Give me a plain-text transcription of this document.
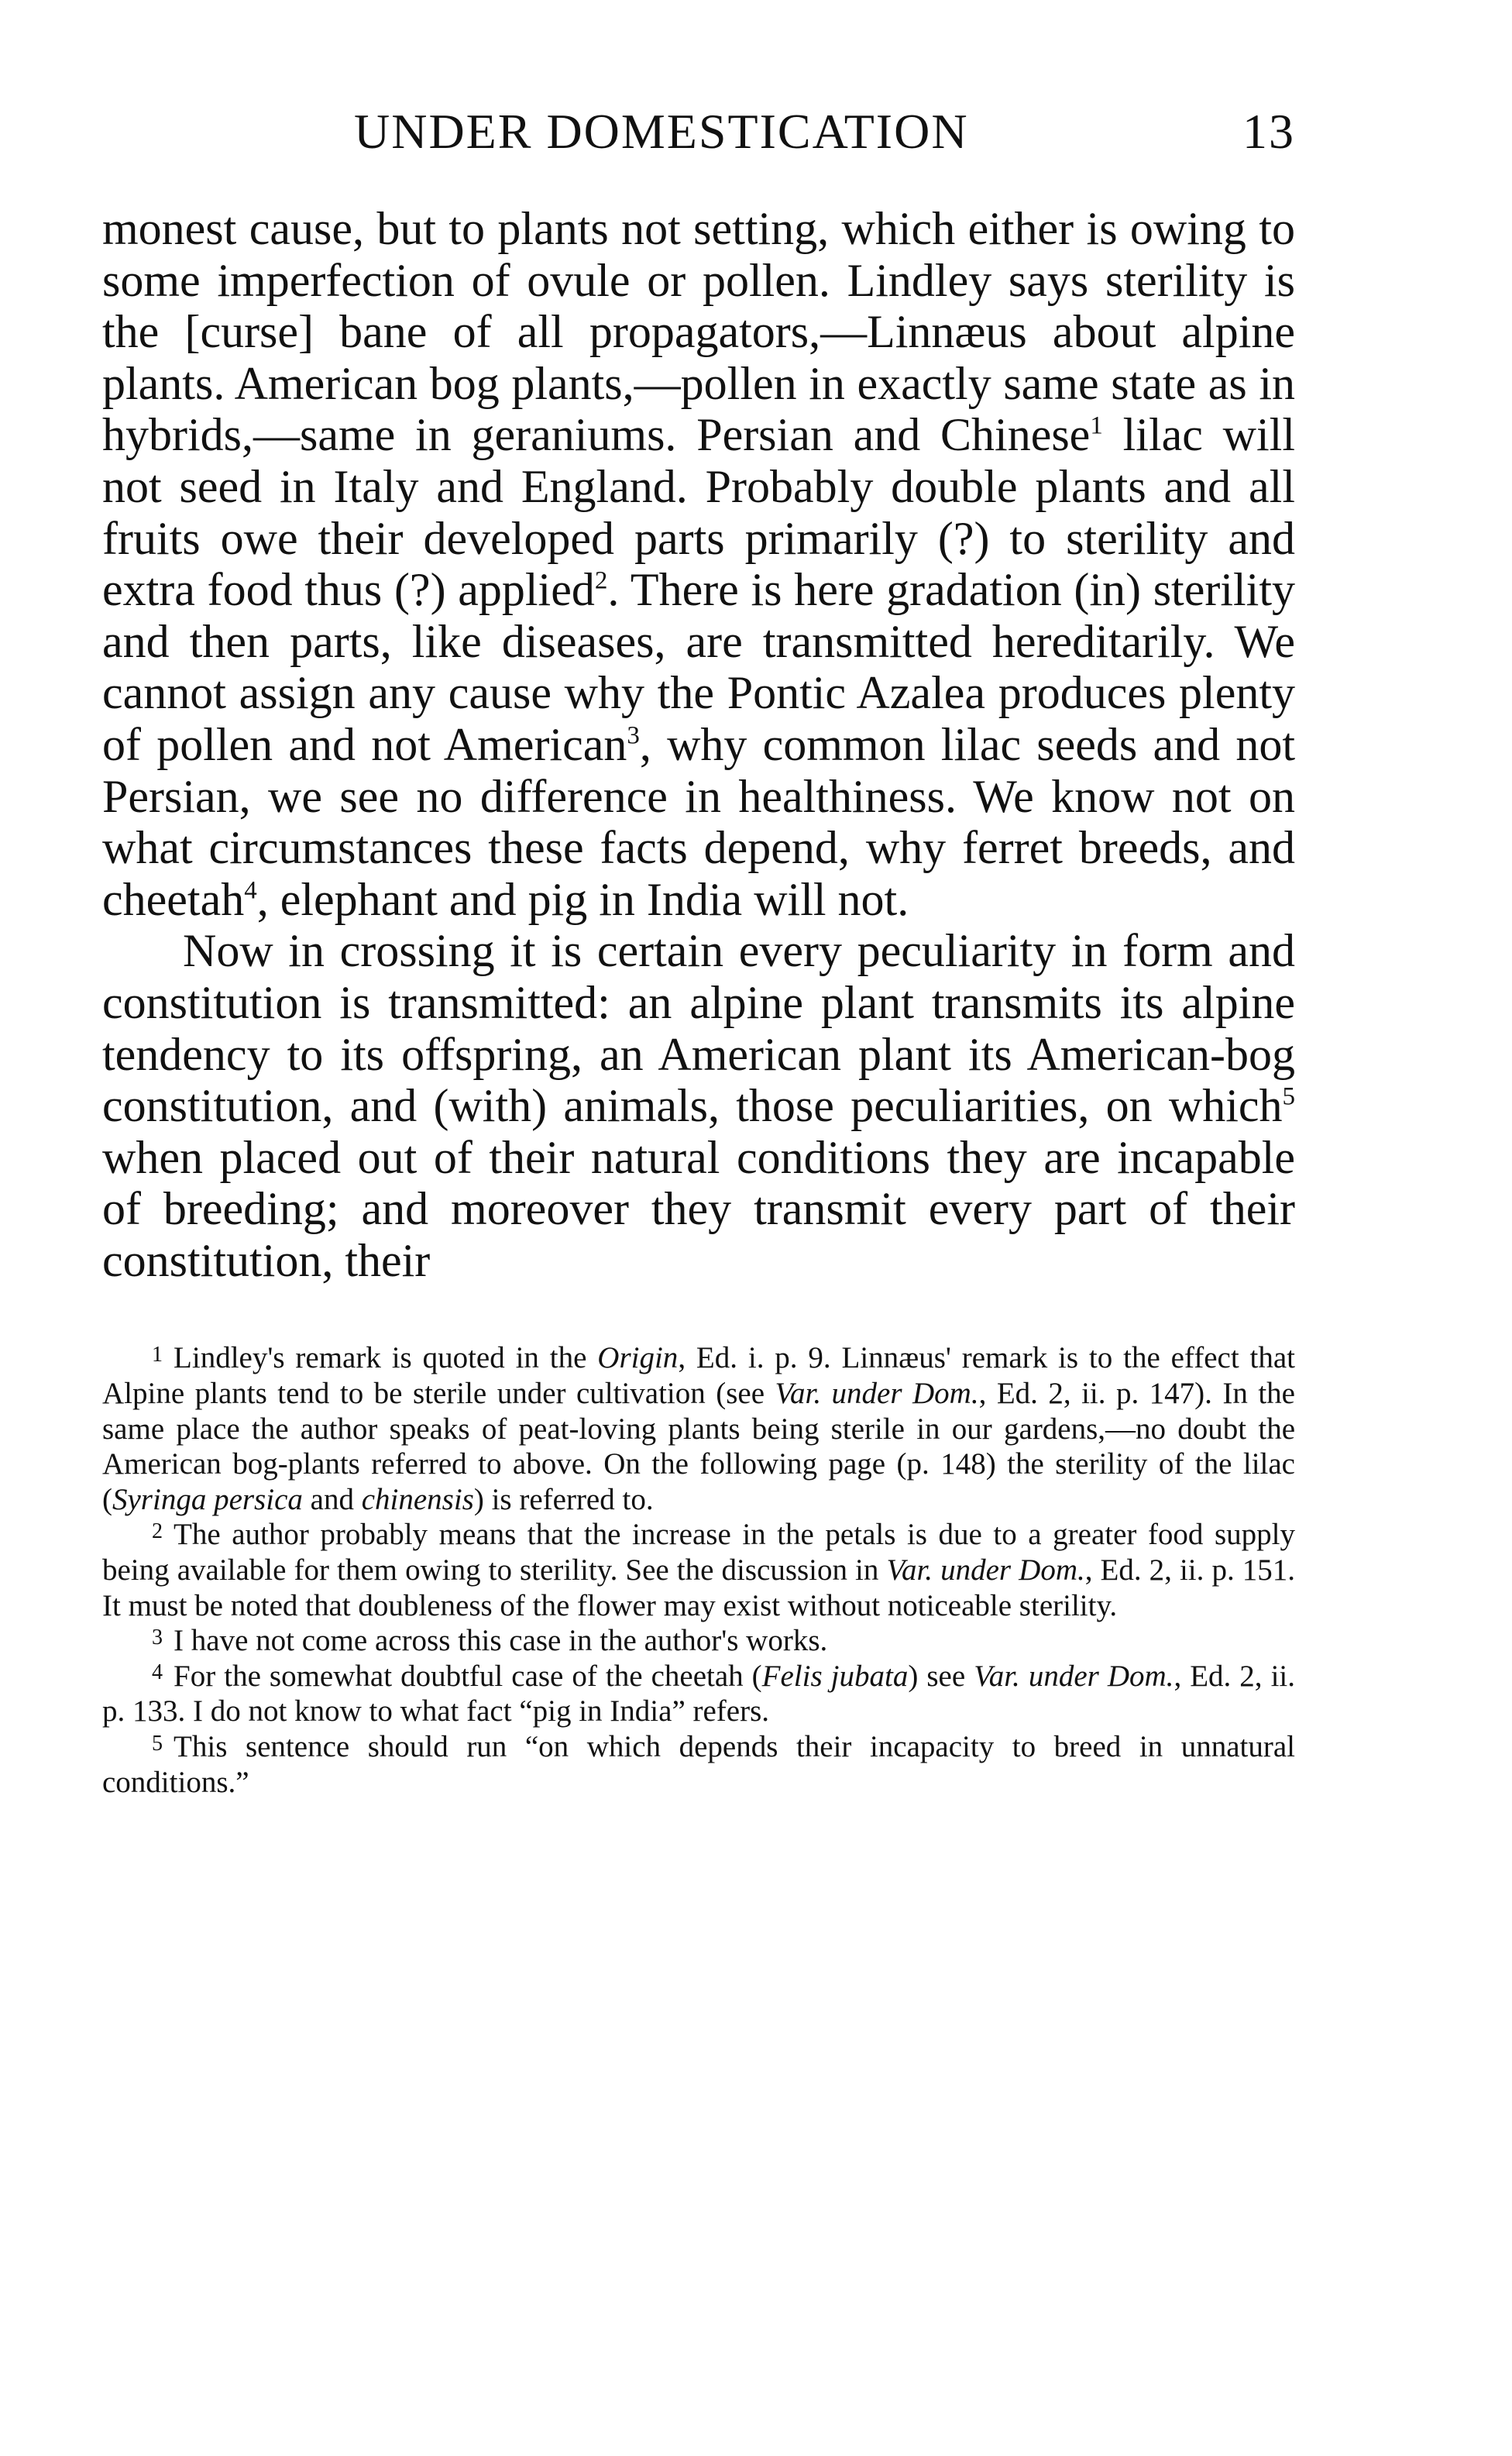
UNDER DOMESTICATION	13

monest cause, but to plants not setting, which either is owing to some imperfection of ovule or pollen. Lindley says sterility is the [curse] bane of all propagators,—Linnæus about alpine plants. American bog plants,—pollen in exactly same state as in hybrids,—same in geraniums. Persian and Chinese$^1$ lilac will not seed in Italy and England. Probably double plants and all fruits owe their developed parts primarily (?) to sterility and extra food thus (?) applied$^2$. There is here gradation (in) sterility and then parts, like diseases, are transmitted hereditarily. We cannot assign any cause why the Pontic Azalea produces plenty of pollen and not American$^3$, why common lilac seeds and not Persian, we see no difference in healthiness. We know not on what circumstances these facts depend, why ferret breeds, and cheetah$^4$, elephant and pig in India will not.

Now in crossing it is certain every peculiarity in form and constitution is transmitted: an alpine plant transmits its alpine tendency to its offspring, an American plant its American-bog constitution, and (with) animals, those peculiarities, on which$^5$ when placed out of their natural conditions they are incapable of breeding; and moreover they transmit every part of their constitution, their

$^1$ Lindley's remark is quoted in the Origin, Ed. i. p. 9. Linnæus' remark is to the effect that Alpine plants tend to be sterile under cultivation (see Var. under Dom., Ed. 2, ii. p. 147). In the same place the author speaks of peat-loving plants being sterile in our gardens,—no doubt the American bog-plants referred to above. On the following page (p. 148) the sterility of the lilac (Syringa persica and chinensis) is referred to.

$^2$ The author probably means that the increase in the petals is due to a greater food supply being available for them owing to sterility. See the discussion in Var. under Dom., Ed. 2, ii. p. 151. It must be noted that doubleness of the flower may exist without noticeable sterility.

$^3$ I have not come across this case in the author's works.

$^4$ For the somewhat doubtful case of the cheetah (Felis jubata) see Var. under Dom., Ed. 2, ii. p. 133. I do not know to what fact “pig in India” refers.

$^5$ This sentence should run “on which depends their incapacity to breed in unnatural conditions.”
